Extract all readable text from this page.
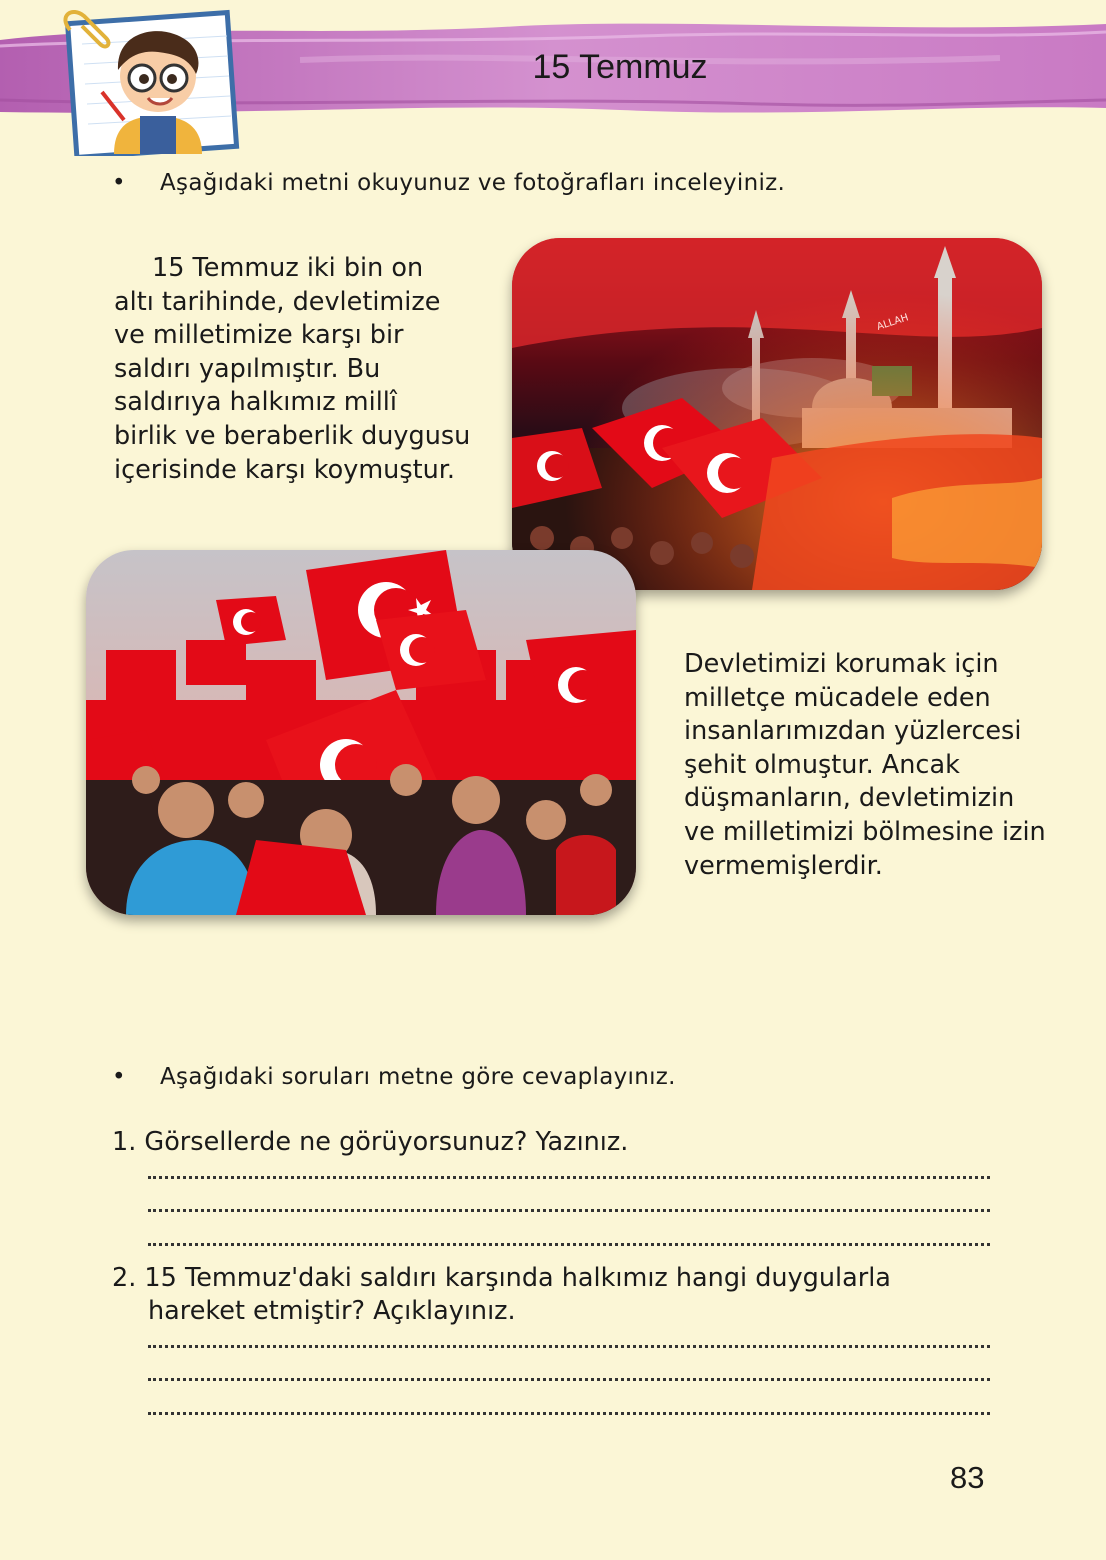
15 Temmuz
• Aşağıdaki metni okuyunuz ve fotoğrafları inceleyiniz.
15 Temmuz iki bin on
altı tarihinde, devletimize
ve milletimize karşı bir
saldırı yapılmıştır. Bu
saldırıya halkımız millî
birlik ve beraberlik duygusu
içerisinde karşı koymuştur.
Devletimizi korumak için
milletçe mücadele eden
insanlarımızdan yüzlercesi
şehit olmuştur. Ancak
düşmanların, devletimizin
ve milletimizi bölmesine izin
vermemişlerdir.
• Aşağıdaki soruları metne göre cevaplayınız.
1. Görsellerde ne görüyorsunuz? Yazınız.
2. 15 Temmuz'daki saldırı karşında halkımız hangi duygularla
hareket etmiştir? Açıklayınız.
83
